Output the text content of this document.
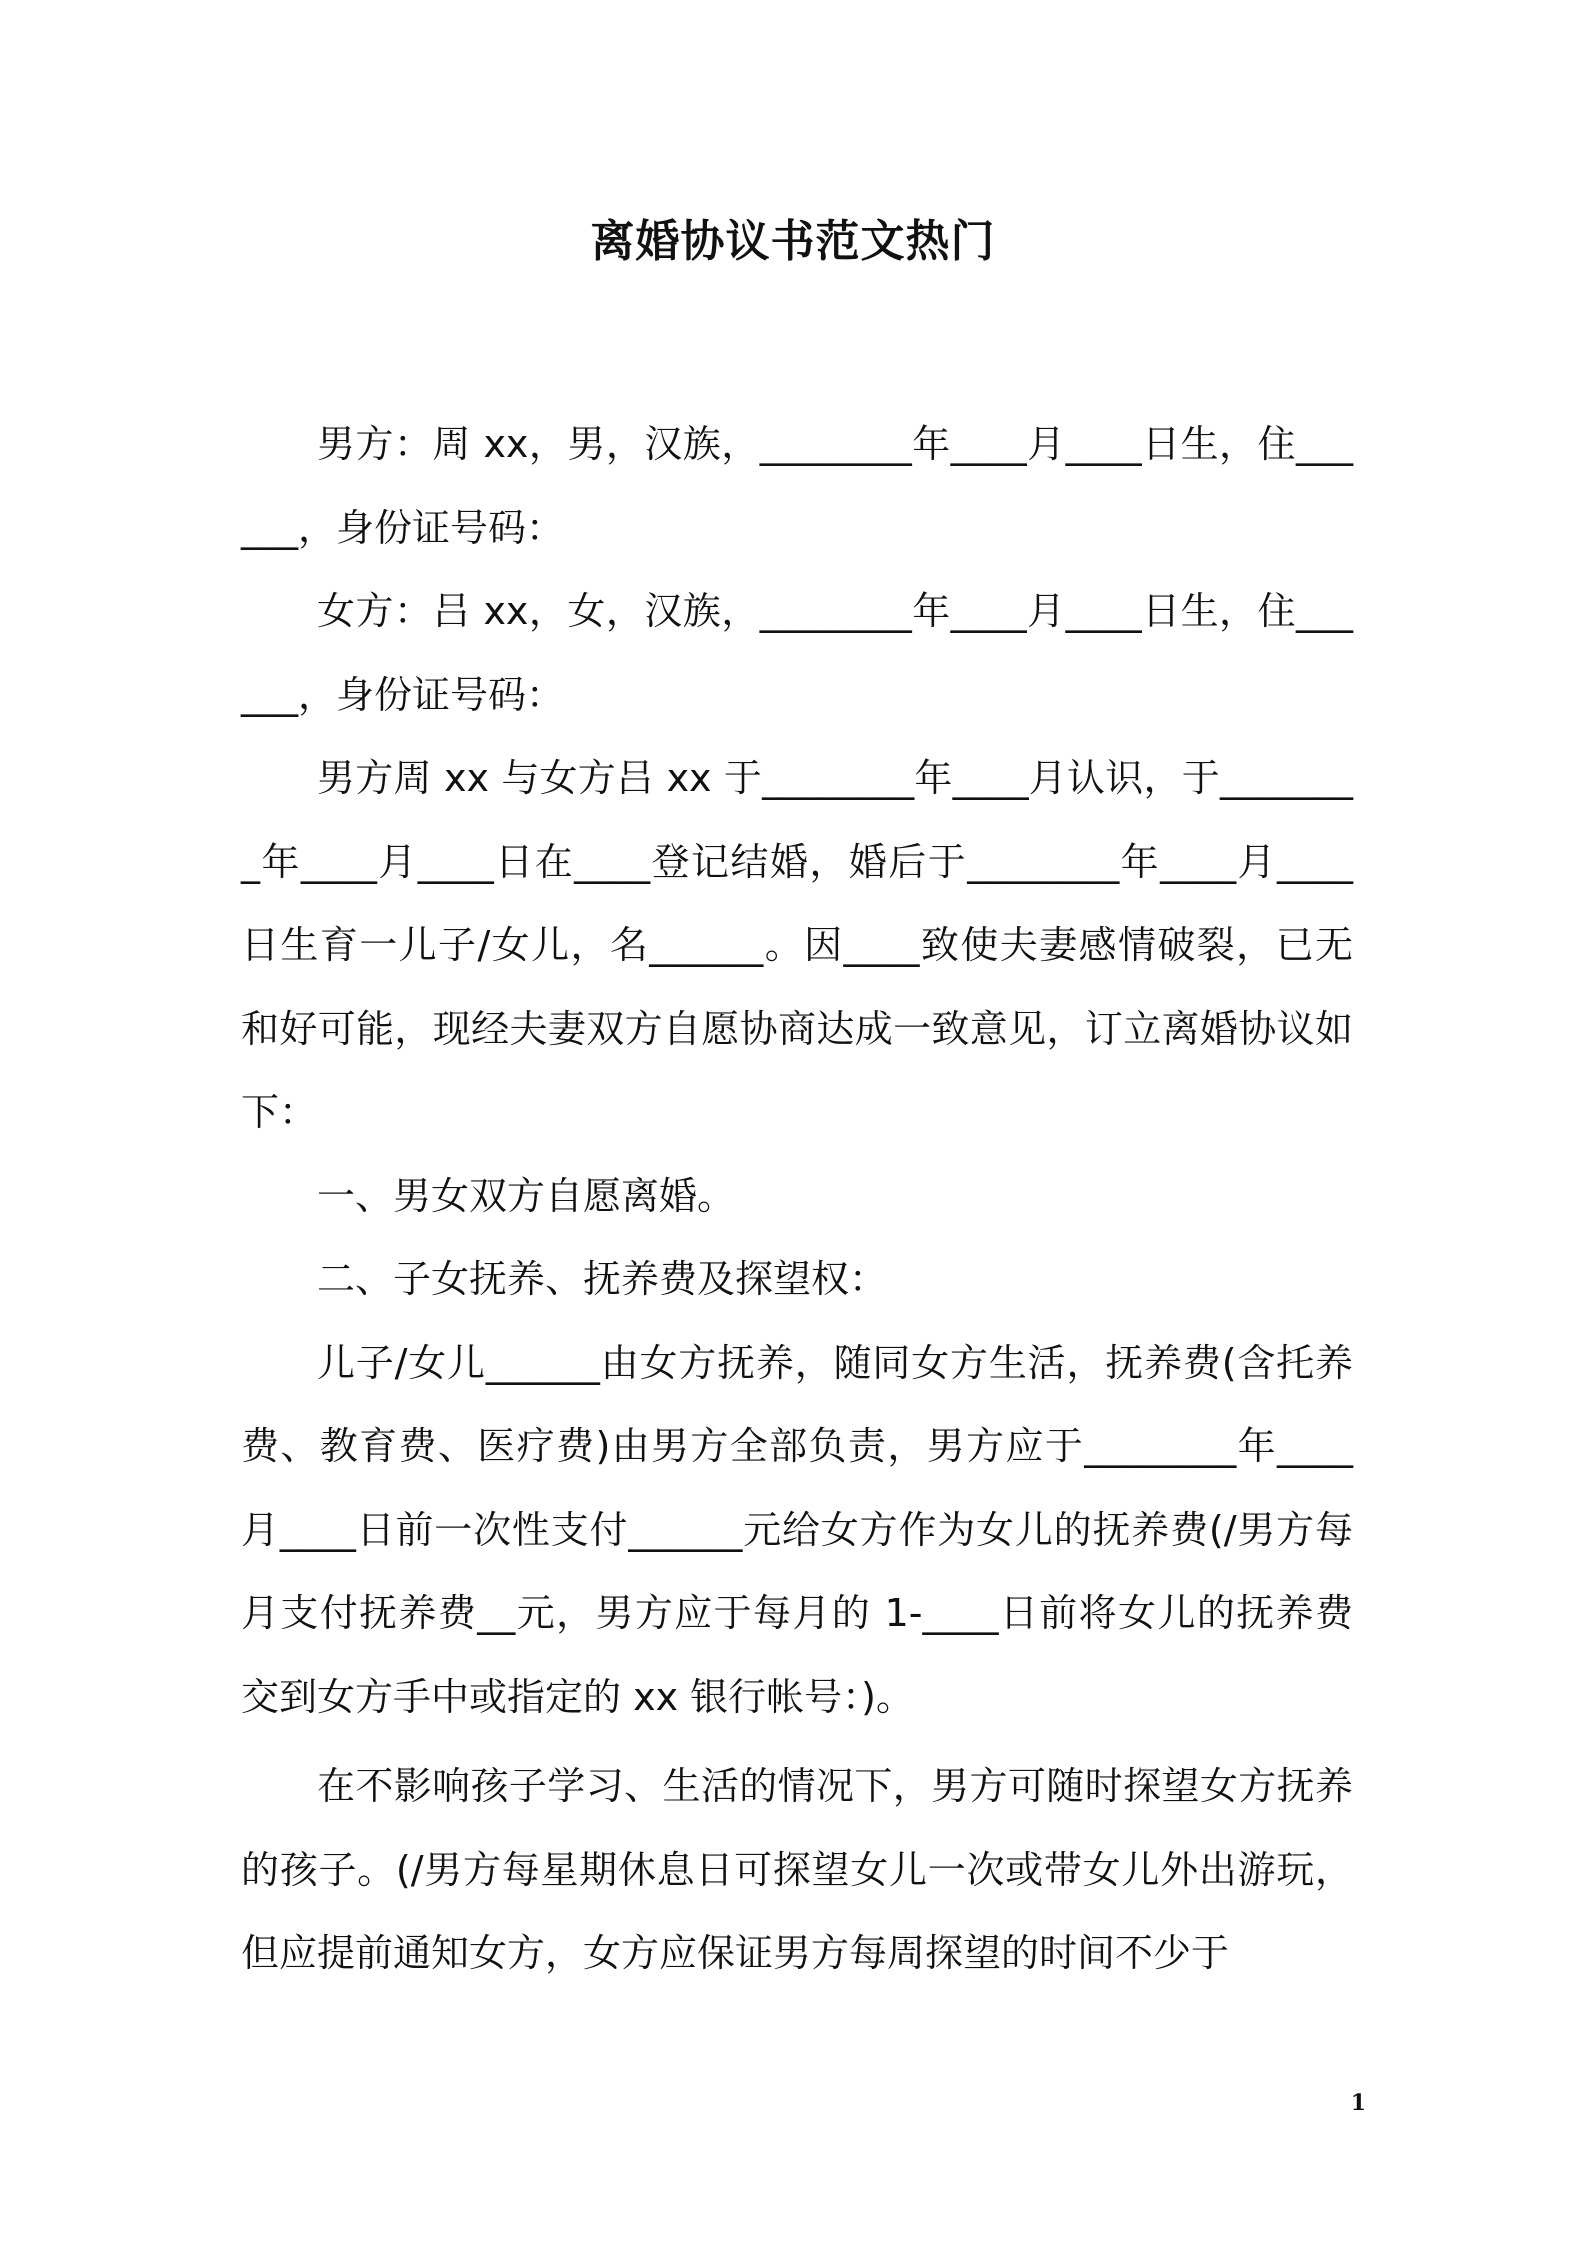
离婚协议书范文热门

男方：周 xx，男，汉族，________年____月____日生，住______，身份证号码：

女方：吕 xx，女，汉族，________年____月____日生，住______，身份证号码：

男方周 xx 与女方吕 xx 于________年____月认识，于________年____月____日在____登记结婚，婚后于________年____月____日生育一儿子/女儿，名______。因____致使夫妻感情破裂，已无和好可能，现经夫妻双方自愿协商达成一致意见，订立离婚协议如下：

一、男女双方自愿离婚。

二、子女抚养、抚养费及探望权：

儿子/女儿______由女方抚养，随同女方生活，抚养费(含托养费、教育费、医疗费)由男方全部负责，男方应于________年____月____日前一次性支付______元给女方作为女儿的抚养费(/男方每月支付抚养费__元，男方应于每月的 1-____日前将女儿的抚养费交到女方手中或指定的 xx 银行帐号：)。

在不影响孩子学习、生活的情况下，男方可随时探望女方抚养的孩子。(/男方每星期休息日可探望女儿一次或带女儿外出游玩，但应提前通知女方，女方应保证男方每周探望的时间不少于

1
